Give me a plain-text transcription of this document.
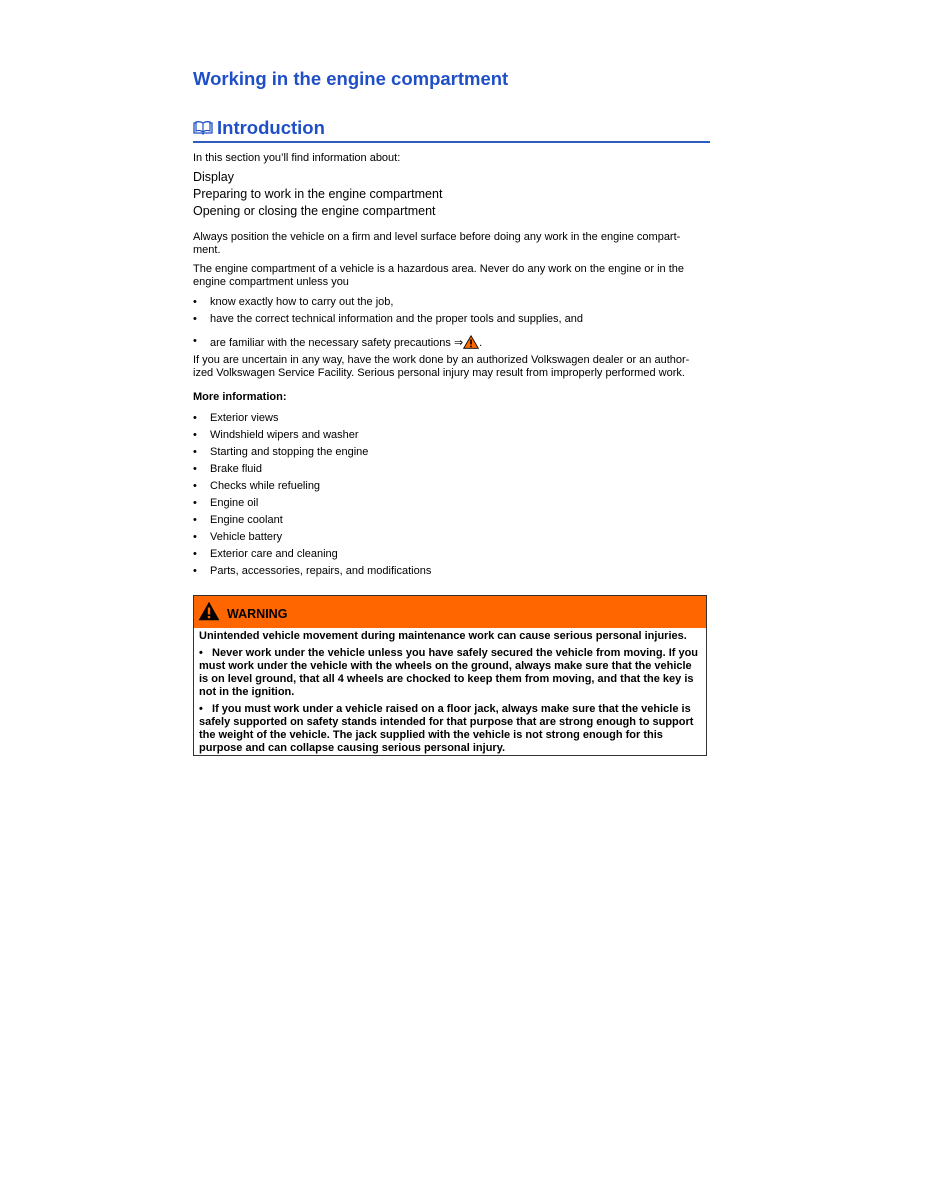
Working in the engine compartment
Introduction
In this section you’ll find information about:
Display
Preparing to work in the engine compartment
Opening or closing the engine compartment
Always position the vehicle on a firm and level surface before doing any work in the engine compart-ment.
The engine compartment of a vehicle is a hazardous area. Never do any work on the engine or in the engine compartment unless you
• know exactly how to carry out the job,
• have the correct technical information and the proper tools and supplies, and
• are familiar with the necessary safety precautions ⇒ .
If you are uncertain in any way, have the work done by an authorized Volkswagen dealer or an author-ized Volkswagen Service Facility. Serious personal injury may result from improperly performed work.
More information:
• Exterior views
• Windshield wipers and washer
• Starting and stopping the engine
• Brake fluid
• Checks while refueling
• Engine oil
• Engine coolant
• Vehicle battery
• Exterior care and cleaning
• Parts, accessories, repairs, and modifications
WARNING

Unintended vehicle movement during maintenance work can cause serious personal injuries.

•   Never work under the vehicle unless you have safely secured the vehicle from moving. If you must work under the vehicle with the wheels on the ground, always make sure that the vehicle is on level ground, that all 4 wheels are chocked to keep them from moving, and that the key is not in the ignition.

•   If you must work under a vehicle raised on a floor jack, always make sure that the vehicle is safely supported on safety stands intended for that purpose that are strong enough to support the weight of the vehicle. The jack supplied with the vehicle is not strong enough for this purpose and can collapse causing serious personal injury.
